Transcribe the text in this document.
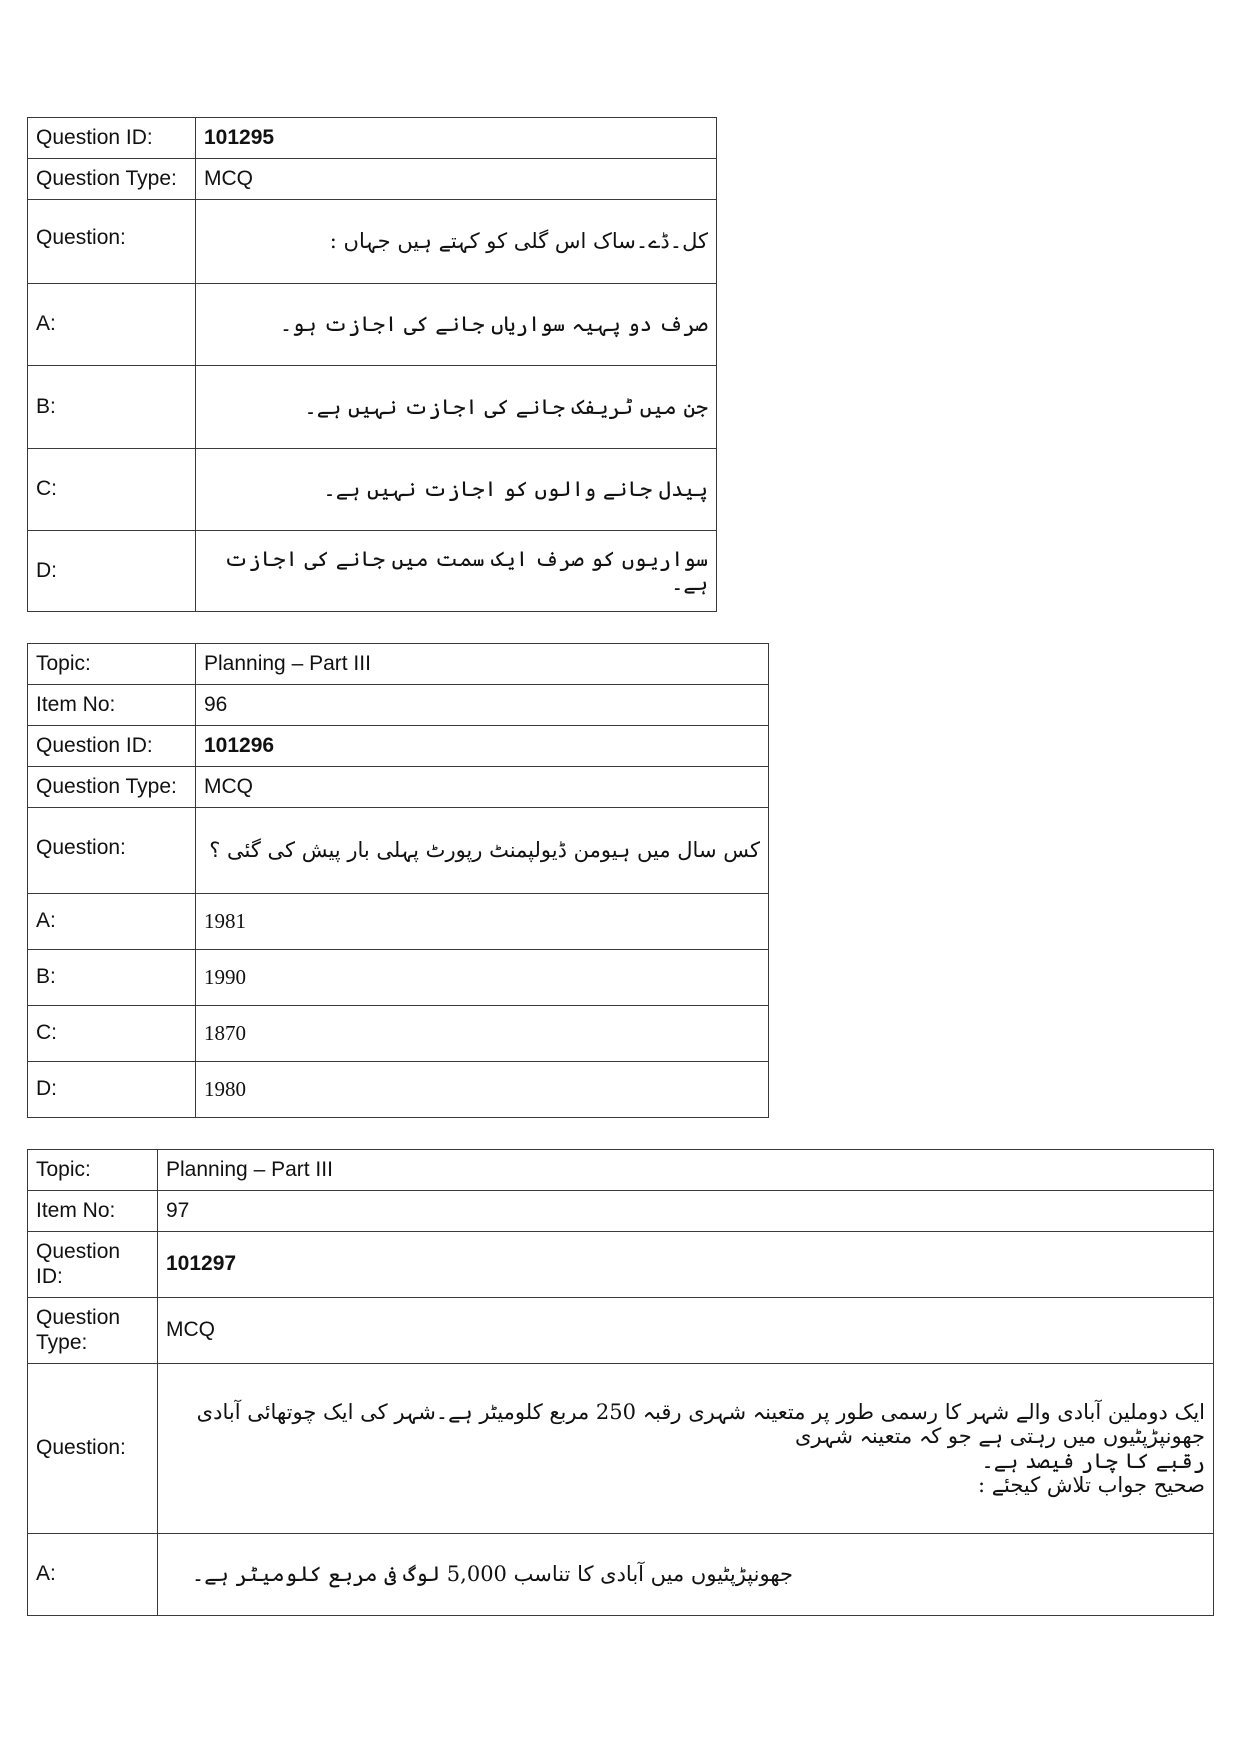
Question ID:	101295
Question Type:	MCQ
Question:	کل۔ڈے۔ساک اس گلی کو کہتے ہیں جہاں :
A:	صرف دو پہیہ سواریاں جانے کی اجازت ہو۔
B:	جن میں ٹریفک جانے کی اجازت نہیں ہے۔
C:	پیدل جانے والوں کو اجازت نہیں ہے۔
D:	سواریوں کو صرف ایک سمت میں جانے کی اجازت ہے۔
Topic:	Planning – Part III
Item No:	96
Question ID:	101296
Question Type:	MCQ
Question:	کس سال میں ہیومن ڈیولپمنٹ رپورٹ پہلی بار پیش کی گئی ؟
A:	1981
B:	1990
C:	1870
D:	1980
Topic:	Planning – Part III
Item No:	97
Question ID:	101297
Question Type:	MCQ
Question:	ایک دوملین آبادی والے شہر کا رسمی طور پر متعینہ شہری رقبہ 250 مربع کلومیٹر ہے۔شہر کی ایک چوتھائی آبادی جھونپڑپٹیوں میں رہتی ہے جو کہ متعینہ شہری
رقبے کا چار فیصد ہے۔
صحیح جواب تلاش کیجئے :

A:	جھونپڑپٹیوں میں آبادی کا تناسب 5,000 لوگ فی مربع کلومیٹر ہے۔
